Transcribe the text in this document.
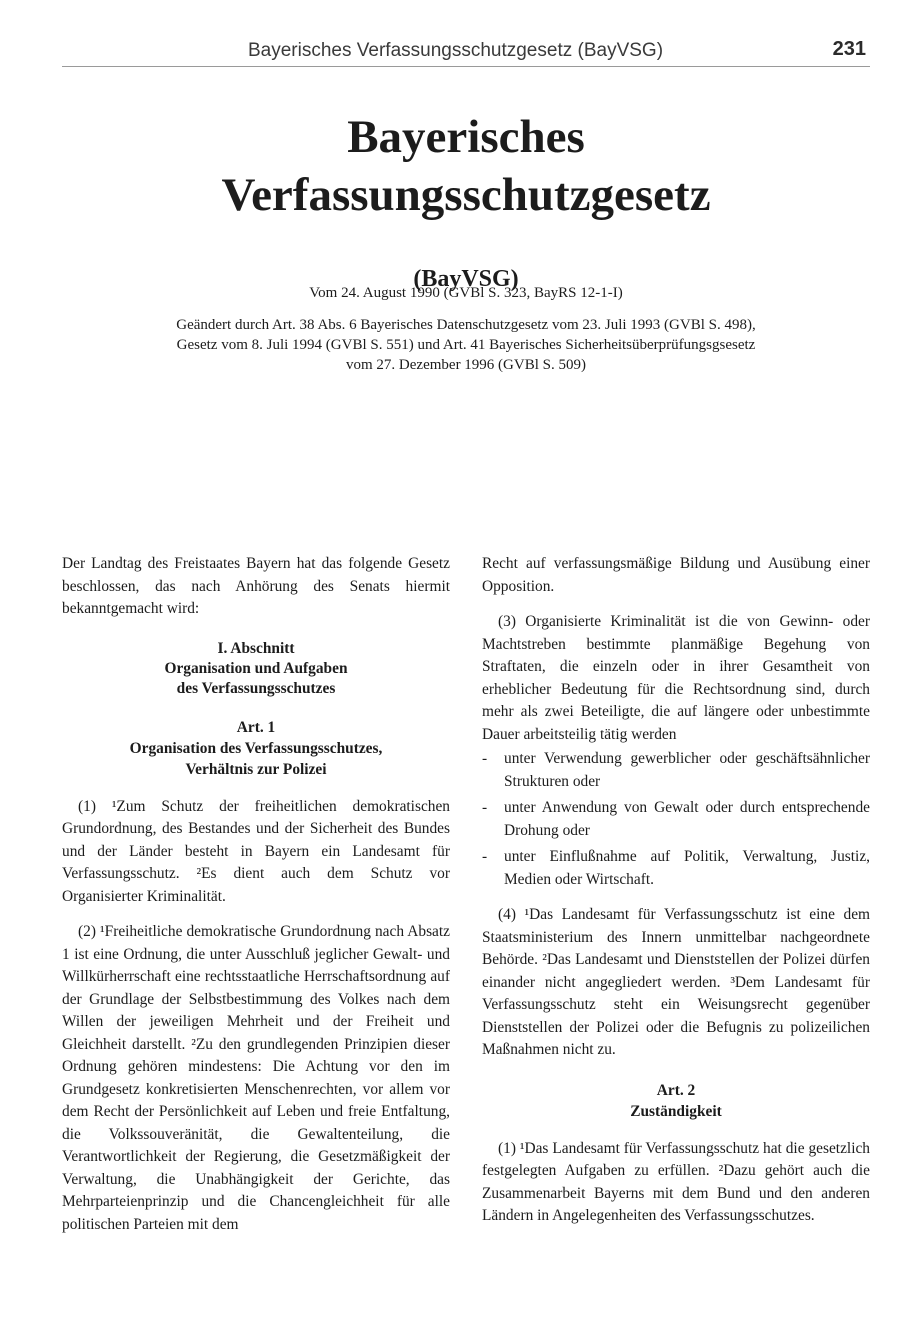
Bayerisches Verfassungsschutzgesetz (BayVSG)	231
Bayerisches
Verfassungsschutzgesetz
(BayVSG)
Vom 24. August 1990 (GVBl S. 323, BayRS 12-1-I)

Geändert durch Art. 38 Abs. 6 Bayerisches Datenschutzgesetz vom 23. Juli 1993 (GVBl S. 498),

Gesetz vom 8. Juli 1994 (GVBl S. 551) und Art. 41 Bayerisches Sicherheitsüberprüfungsgsesetz

vom 27. Dezember 1996 (GVBl S. 509)

Der Landtag des Freistaates Bayern hat das folgende Gesetz beschlossen, das nach Anhörung des Senats hiermit bekanntgemacht wird:

I. Abschnitt
Organisation und Aufgaben
des Verfassungsschutzes
Art. 1
Organisation des Verfassungsschutzes,
Verhältnis zur Polizei

(1) ¹Zum Schutz der freiheitlichen demokratischen Grundordnung, des Bestandes und der Sicherheit des Bundes und der Länder besteht in Bayern ein Landesamt für Verfassungsschutz. ²Es dient auch dem Schutz vor Organisierter Kriminalität.

(2) ¹Freiheitliche demokratische Grundordnung nach Absatz 1 ist eine Ordnung, die unter Ausschluß jeglicher Gewalt- und Willkürherrschaft eine rechtsstaatliche Herrschaftsordnung auf der Grundlage der Selbstbestimmung des Volkes nach dem Willen der jeweiligen Mehrheit und der Freiheit und Gleichheit darstellt. ²Zu den grundlegenden Prinzipien dieser Ordnung gehören mindestens: Die Achtung vor den im Grundgesetz konkretisierten Menschenrechten, vor allem vor dem Recht der Persönlichkeit auf Leben und freie Entfaltung, die Volkssouveränität, die Gewaltenteilung, die Verantwortlichkeit der Regierung, die Gesetzmäßigkeit der Verwaltung, die Unabhängigkeit der Gerichte, das Mehrparteienprinzip und die Chancengleichheit für alle politischen Parteien mit dem

Recht auf verfassungsmäßige Bildung und Ausübung einer Opposition.

(3) Organisierte Kriminalität ist die von Gewinn- oder Machtstreben bestimmte planmäßige Begehung von Straftaten, die einzeln oder in ihrer Gesamtheit von erheblicher Bedeutung für die Rechtsordnung sind, durch mehr als zwei Beteiligte, die auf längere oder unbestimmte Dauer arbeitsteilig tätig werden

- unter Verwendung gewerblicher oder geschäftsähnlicher Strukturen oder
- unter Anwendung von Gewalt oder durch entsprechende Drohung oder
- unter Einflußnahme auf Politik, Verwaltung, Justiz, Medien oder Wirtschaft.

(4) ¹Das Landesamt für Verfassungsschutz ist eine dem Staatsministerium des Innern unmittelbar nachgeordnete Behörde. ²Das Landesamt und Dienststellen der Polizei dürfen einander nicht angegliedert werden. ³Dem Landesamt für Verfassungsschutz steht ein Weisungsrecht gegenüber Dienststellen der Polizei oder die Befugnis zu polizeilichen Maßnahmen nicht zu.

Art. 2
Zuständigkeit

(1) ¹Das Landesamt für Verfassungsschutz hat die gesetzlich festgelegten Aufgaben zu erfüllen. ²Dazu gehört auch die Zusammenarbeit Bayerns mit dem Bund und den anderen Ländern in Angelegenheiten des Verfassungsschutzes.
